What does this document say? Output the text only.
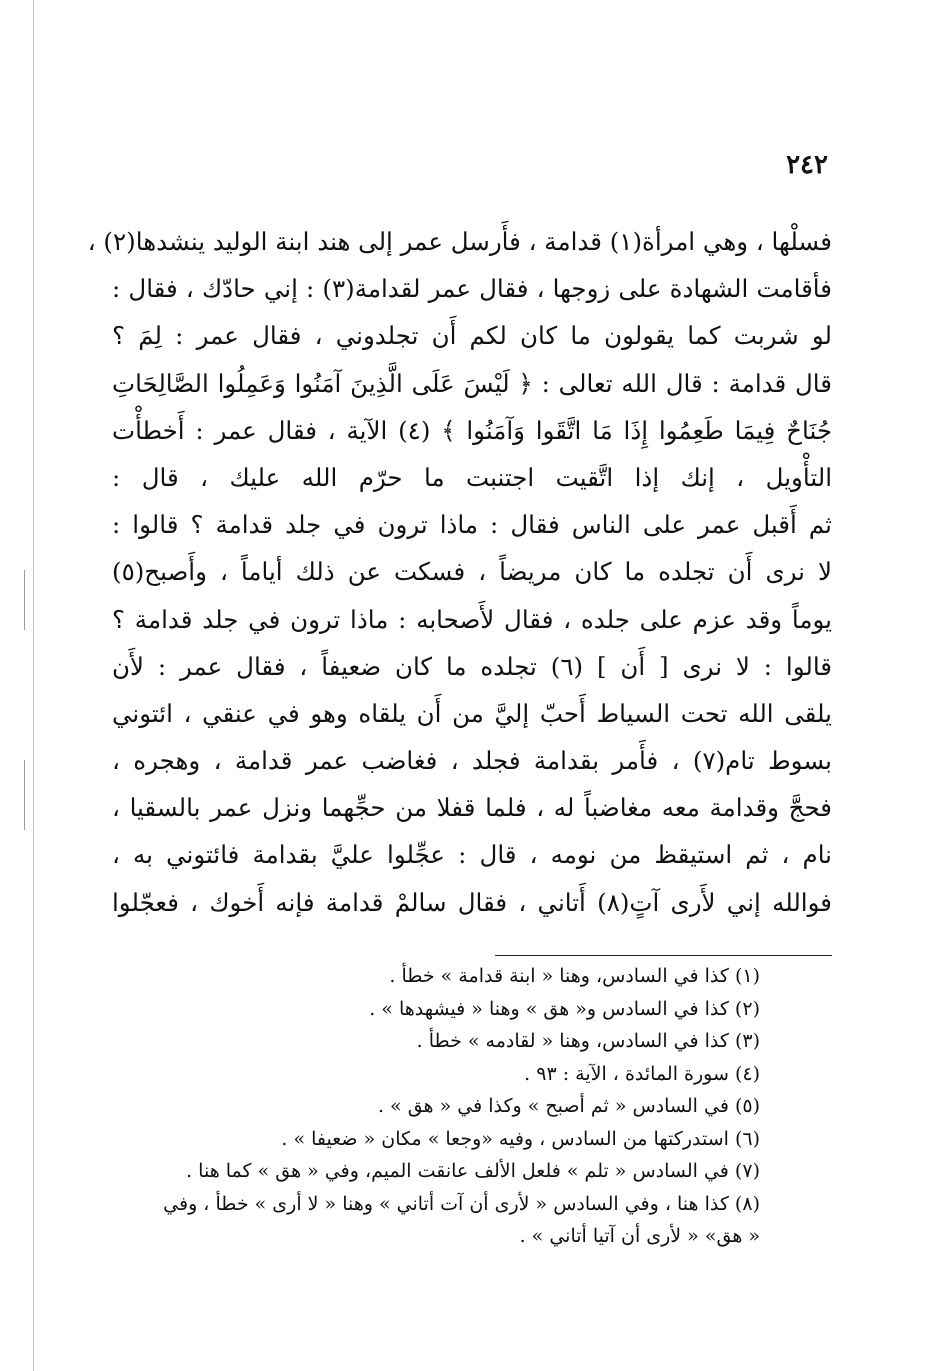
٢٤٢
فسلْها ، وهي امرأة(١) قدامة ، فأَرسل عمر إلى هند ابنة الوليد ينشدها(٢) ،
فأقامت الشهادة على زوجها ، فقال عمر لقدامة(٣) : إني حادّك ، فقال :
لو شربت كما يقولون ما كان لكم أَن تجلدوني ، فقال عمر : لِمَ ؟
قال قدامة : قال الله تعالى : ﴿ لَيْسَ عَلَى الَّذِينَ آمَنُوا وَعَمِلُوا الصَّالِحَاتِ
جُنَاحٌ فِيمَا طَعِمُوا إِذَا مَا اتَّقَوا وَآمَنُوا ﴾ (٤) الآية ، فقال عمر : أَخطأْت
التأْويل ، إنك إذا اتَّقيت اجتنبت ما حرّم الله عليك ، قال :
ثم أَقبل عمر على الناس فقال : ماذا ترون في جلد قدامة ؟ قالوا :
لا نرى أَن تجلده ما كان مريضاً ، فسكت عن ذلك أياماً ، وأَصبح(٥)
يوماً وقد عزم على جلده ، فقال لأَصحابه : ماذا ترون في جلد قدامة ؟
قالوا : لا نرى [ أَن ] (٦) تجلده ما كان ضعيفاً ، فقال عمر : لأَن
يلقى الله تحت السياط أَحبّ إليَّ من أَن يلقاه وهو في عنقي ، ائتوني
بسوط تام(٧) ، فأَمر بقدامة فجلد ، فغاضب عمر قدامة ، وهجره ،
فحجَّ وقدامة معه مغاضباً له ، فلما قفلا من حجِّهما ونزل عمر بالسقيا ،
نام ، ثم استيقظ من نومه ، قال : عجِّلوا عليَّ بقدامة فائتوني به ،
فوالله إني لأَرى آتٍ(٨) أَتاني ، فقال سالمْ قدامة فإنه أَخوك ، فعجّلوا
(١) كذا في السادس، وهنا « ابنة قدامة » خطأ .
(٢) كذا في السادس و« هق » وهنا « فيشهدها » .
(٣) كذا في السادس، وهنا « لقادمه » خطأ .
(٤) سورة المائدة ، الآية : ٩٣ .
(٥) في السادس « ثم أصبح » وكذا في « هق » .
(٦) استدركتها من السادس ، وفيه «وجعا » مكان « ضعيفا » .
(٧) في السادس « تلم » فلعل الألف عانقت الميم، وفي « هق » كما هنا .
(٨) كذا هنا ، وفي السادس « لأرى أن آت أتاني » وهنا « لا أرى » خطأ ، وفي
« هق» « لأرى أن آتيا أتاني » .
